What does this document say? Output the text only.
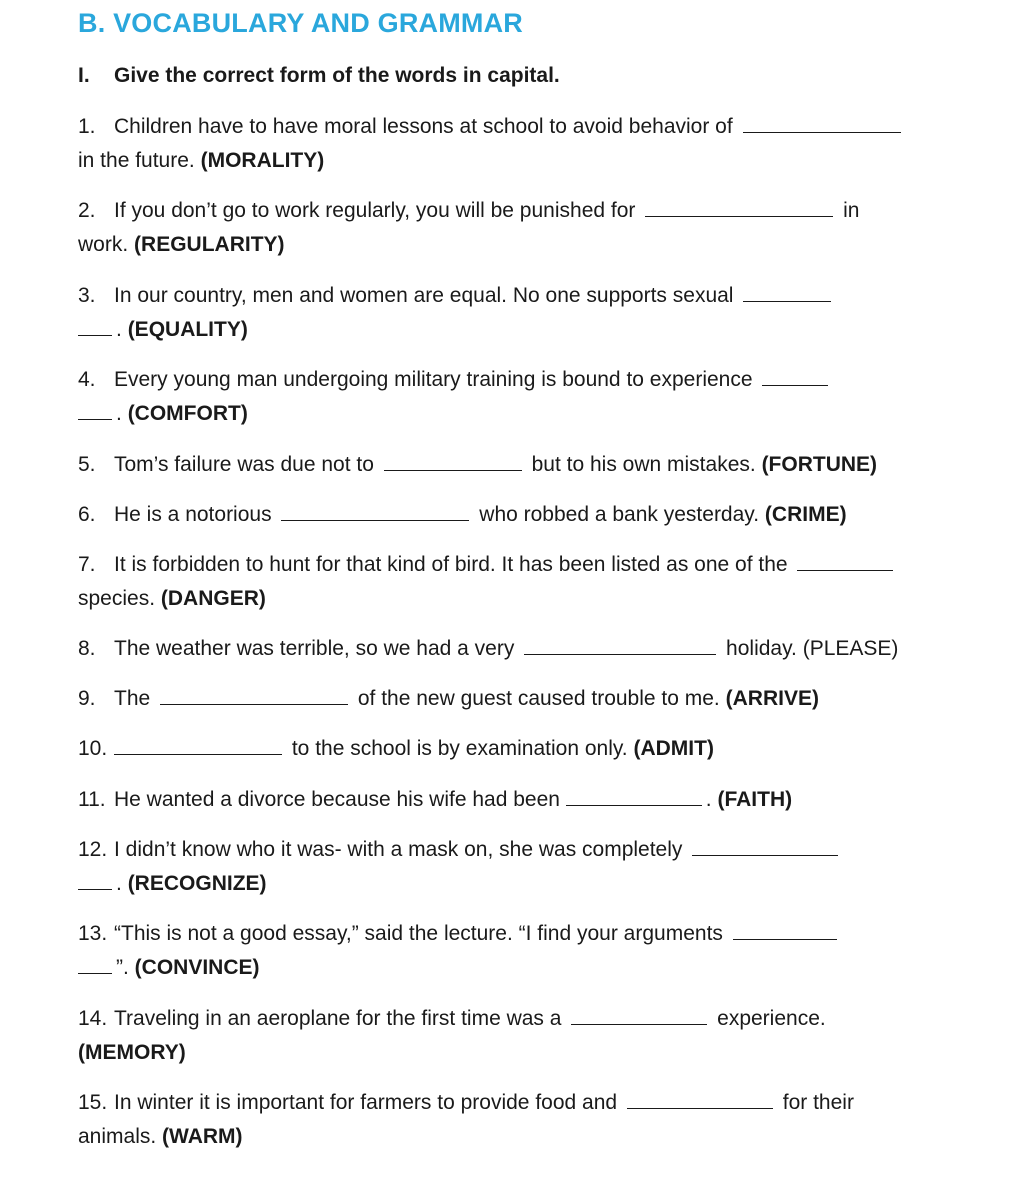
B. VOCABULARY AND GRAMMAR
I. Give the correct form of the words in capital.
1. Children have to have moral lessons at school to avoid behavior of
in the future. (MORALITY)
2. If you don’t go to work regularly, you will be punished for	in
work. (REGULARITY)
3. In our country, men and women are equal. No one supports sexual
. (EQUALITY)
4. Every young man undergoing military training is bound to experience
. (COMFORT)
5. Tom’s failure was due not to	but to his own mistakes. (FORTUNE)
6. He is a notorious	who robbed a bank yesterday. (CRIME)
7. It is forbidden to hunt for that kind of bird. It has been listed as one of the
species. (DANGER)
8. The weather was terrible, so we had a very	holiday. (PLEASE)
9. The	of the new guest caused trouble to me. (ARRIVE)
10.	to the school is by examination only. (ADMIT)
11. He wanted a divorce because his wife had been	. (FAITH)
12. I didn’t know who it was- with a mask on, she was completely
. (RECOGNIZE)
13. “This is not a good essay,” said the lecture. “I find your arguments
”. (CONVINCE)
14. Traveling in an aeroplane for the first time was a	experience.
(MEMORY)
15. In winter it is important for farmers to provide food and	for their
animals. (WARM)
